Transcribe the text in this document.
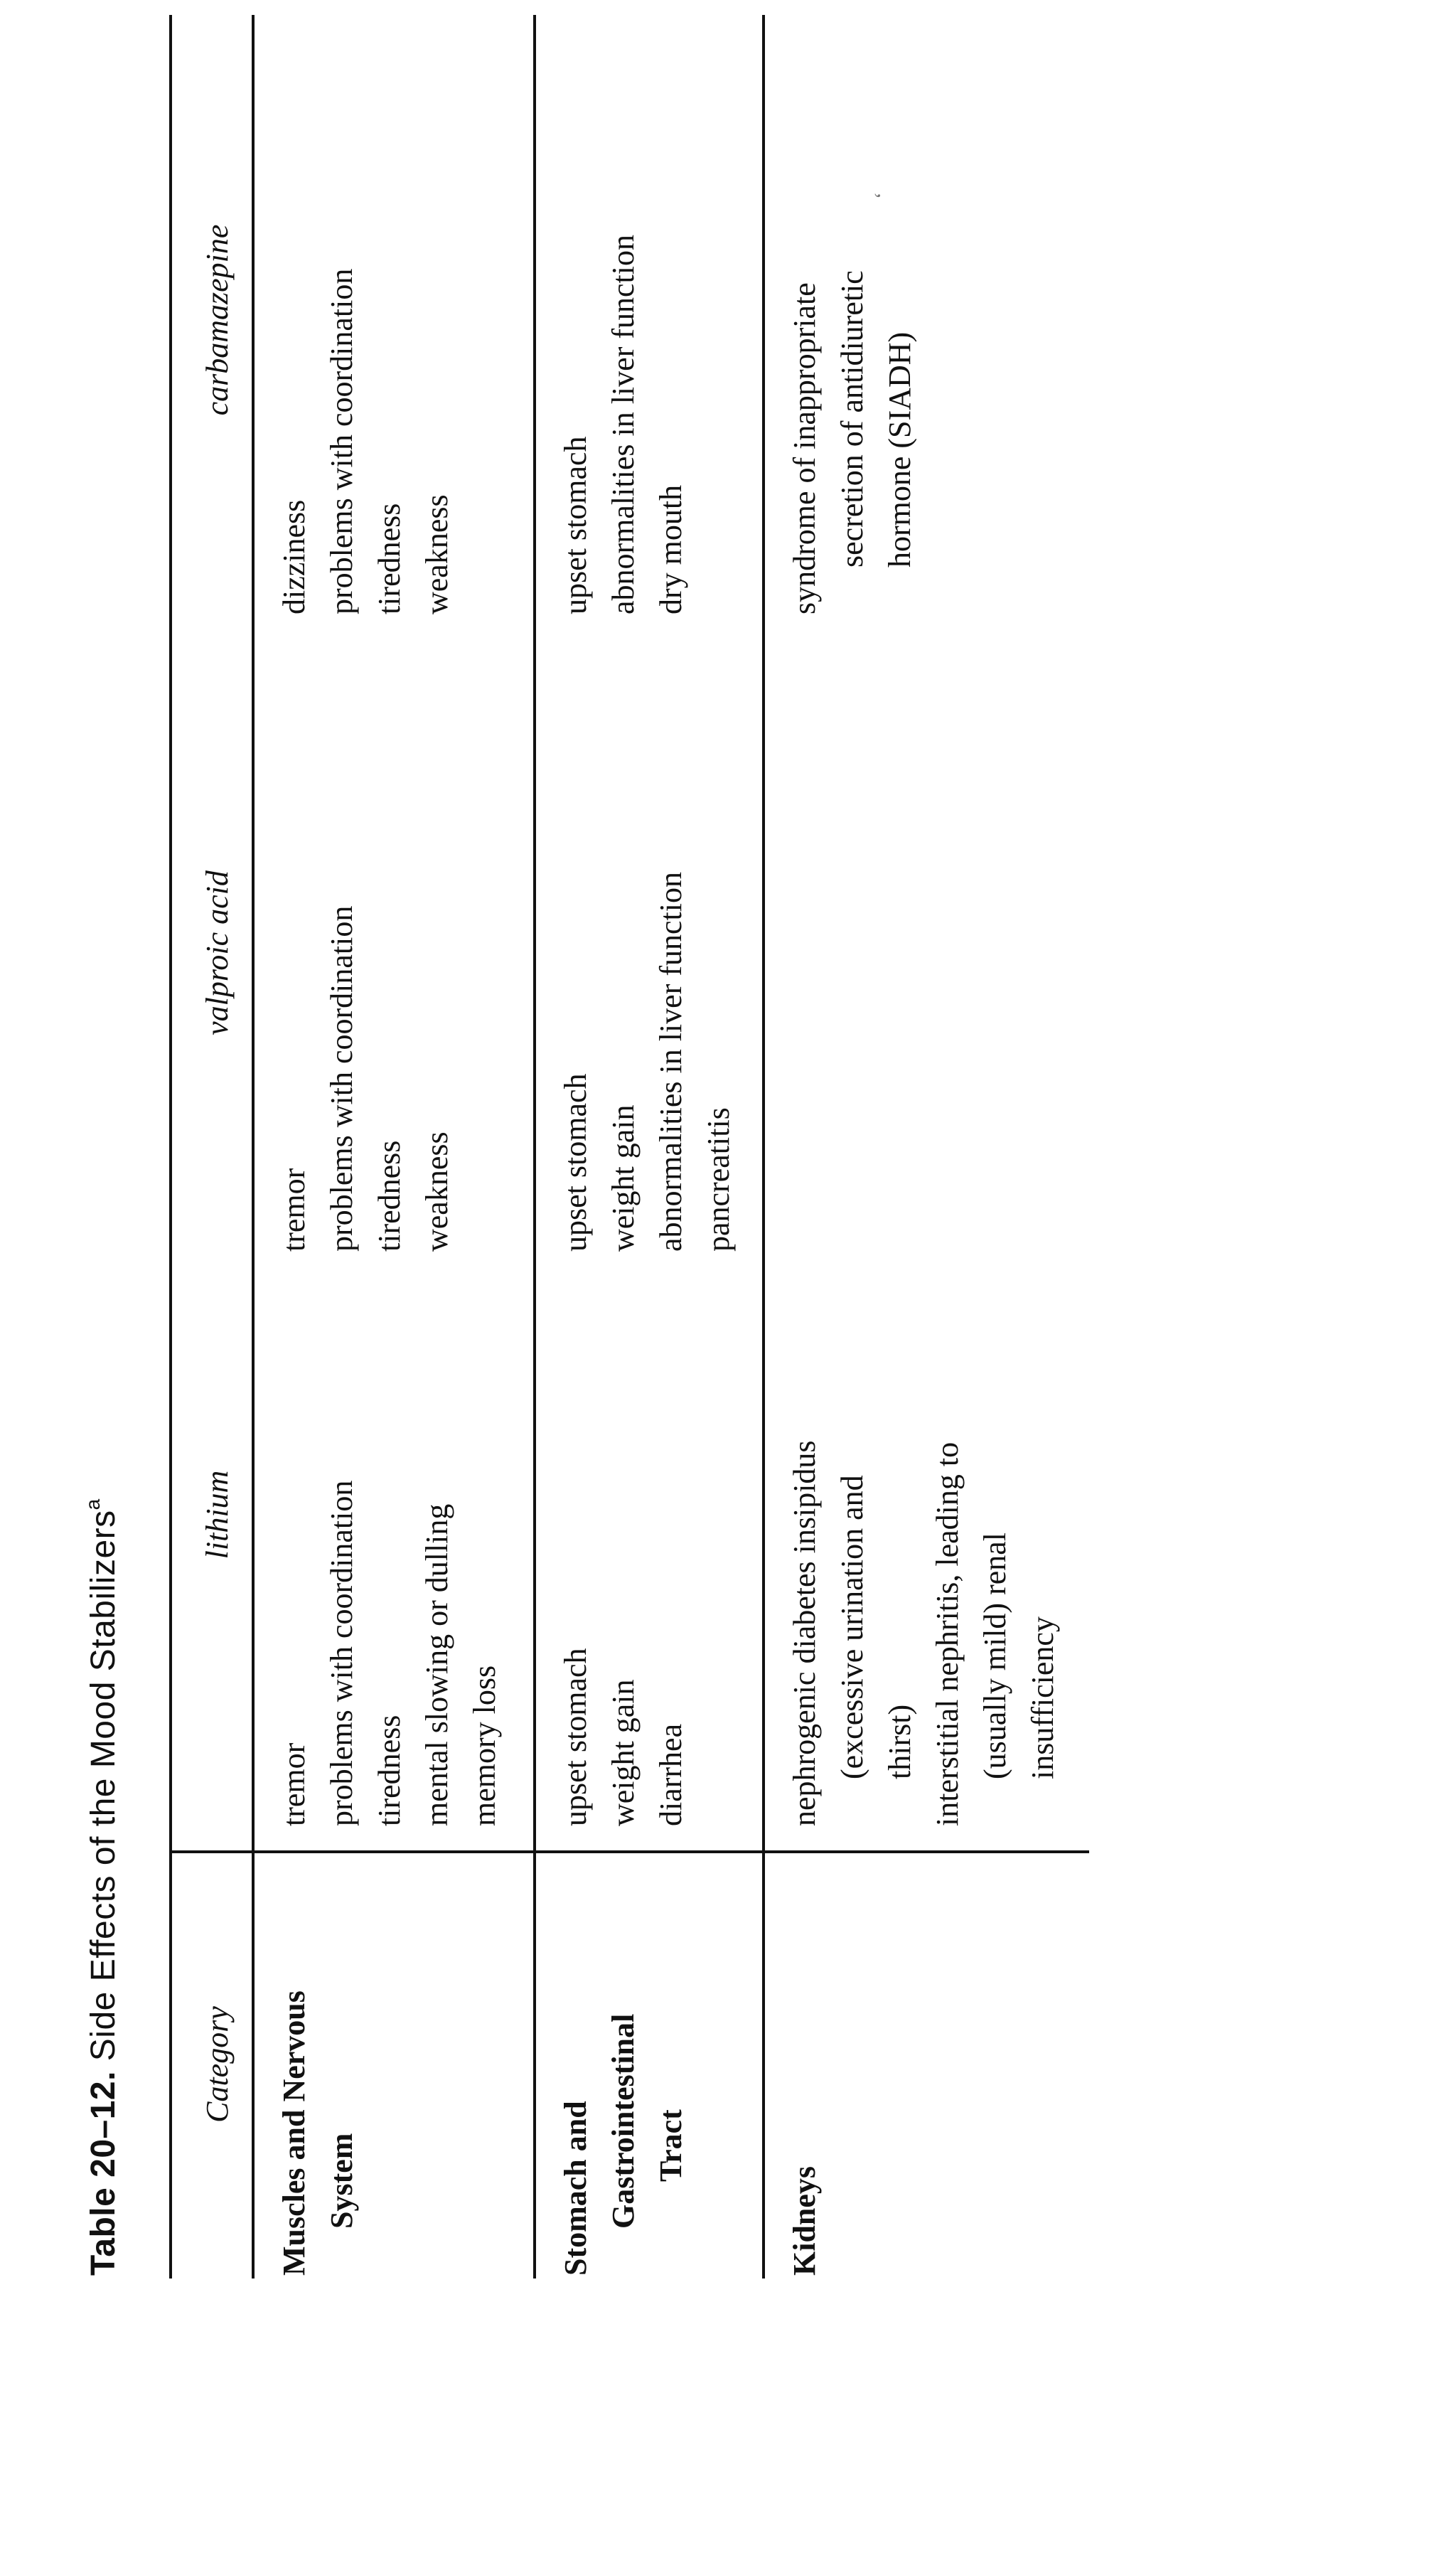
Table 20–12. Side Effects of the Mood Stabilizers$^a$
Category
lithium
valproic acid
carbamazepine
Muscles and Nervous System
tremor problems with coordination tiredness mental slowing or dulling memory loss
tremor problems with coordination tiredness weakness
dizziness problems with coordination tiredness weakness
Stomach and Gastrointestinal Tract
upset stomach weight gain diarrhea
upset stomach weight gain abnormalities in liver function pancreatitis
upset stomach abnormalities in liver function dry mouth
Kidneys
nephrogenic diabetes insipidus (excessive urination and thirst) interstitial nephritis, leading to (usually mild) renal insufficiency
syndrome of inappropriate secretion of antidiuretic hormone (SIADH)
‘
